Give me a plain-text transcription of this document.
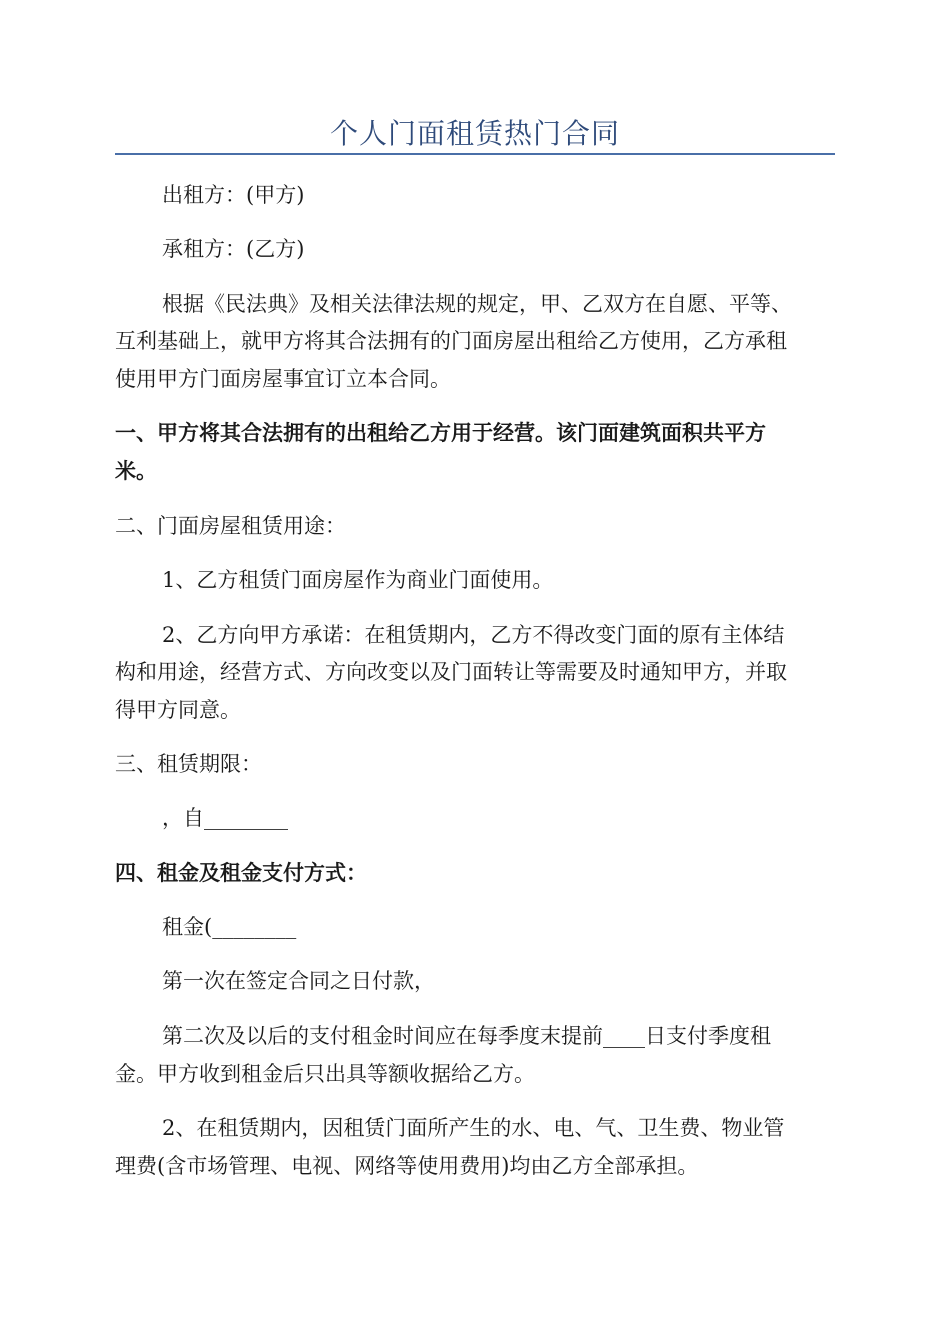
个人门面租赁热门合同
出租方：(甲方)
承租方：(乙方)
根据《民法典》及相关法律法规的规定，甲、乙双方在自愿、平等、
互利基础上，就甲方将其合法拥有的门面房屋出租给乙方使用，乙方承租
使用甲方门面房屋事宜订立本合同。
一、甲方将其合法拥有的出租给乙方用于经营。该门面建筑面积共平方
米。
二、门面房屋租赁用途：
1、乙方租赁门面房屋作为商业门面使用。
2、乙方向甲方承诺：在租赁期内，乙方不得改变门面的原有主体结
构和用途，经营方式、方向改变以及门面转让等需要及时通知甲方，并取
得甲方同意。
三、租赁期限：
，自________
四、租金及租金支付方式：
租金(________
第一次在签定合同之日付款，
第二次及以后的支付租金时间应在每季度末提前____日支付季度租
金。甲方收到租金后只出具等额收据给乙方。
2、在租赁期内，因租赁门面所产生的水、电、气、卫生费、物业管
理费(含市场管理、电视、网络等使用费用)均由乙方全部承担。
